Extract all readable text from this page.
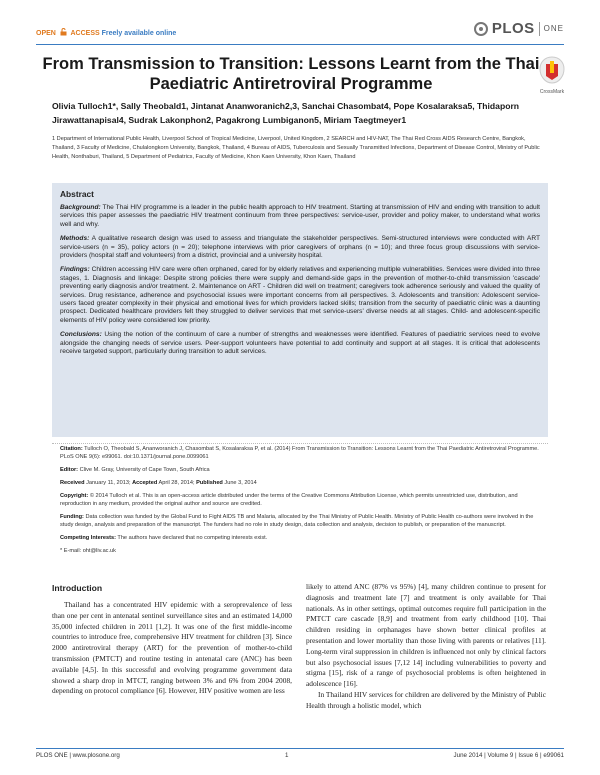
OPEN ACCESS Freely available online	PLOS ONE
From Transmission to Transition: Lessons Learnt from the Thai Paediatric Antiretroviral Programme	CrossMark
Olivia Tulloch1*, Sally Theobald1, Jintanat Ananworanich2,3, Sanchai Chasombat4, Pope Kosalaraksa5, Thidaporn Jirawattanapisal4, Sudrak Lakonphon2, Pagakrong Lumbiganon5, Miriam Taegtmeyer1
1 Department of International Public Health, Liverpool School of Tropical Medicine, Liverpool, United Kingdom, 2 SEARCH and HIV-NAT, The Thai Red Cross AIDS Research Centre, Bangkok, Thailand, 3 Faculty of Medicine, Chulalongkorn University, Bangkok, Thailand, 4 Bureau of AIDS, Tuberculosis and Sexually Transmitted Infections, Department of Disease Control, Ministry of Public Health, Nonthaburi, Thailand, 5 Department of Pediatrics, Faculty of Medicine, Khon Kaen University, Khon Kaen, Thailand
Abstract

Background: The Thai HIV programme is a leader in the public health approach to HIV treatment. Starting at transmission of HIV and ending with transition to adult services this paper assesses the paediatric HIV treatment continuum from three perspectives: service-user, provider and policy maker, to understand what works well and why.

Methods: A qualitative research design was used to assess and triangulate the stakeholder perspectives. Semi-structured interviews were conducted with ART service-users (n = 35), policy actors (n = 20); telephone interviews with prior caregivers of orphans (n = 10); and three focus group discussions with service-providers (hospital staff and volunteers) from a district, provincial and a university hospital.

Findings: Children accessing HIV care were often orphaned, cared for by elderly relatives and experiencing multiple vulnerabilities. Services were divided into three stages, 1. Diagnosis and linkage: Despite strong policies there were supply and demand-side gaps in the prevention of mother-to-child transmission 'cascade' preventing early diagnosis and/or treatment. 2. Maintenance on ART - Children did well on treatment; caregivers took adherence seriously and valued the quality of services. Drug resistance, adherence and psychosocial issues were important concerns from all perspectives. 3. Adolescents and transition: Adolescent service-users faced greater complexity in their physical and emotional lives for which providers lacked skills; transition from the security of paediatric clinic was a daunting prospect. Dedicated healthcare providers felt they struggled to deliver services that met service-users' diverse needs at all stages. Child- and adolescent-specific elements of HIV policy were considered low priority.

Conclusions: Using the notion of the continuum of care a number of strengths and weaknesses were identified. Features of paediatric services need to evolve alongside the changing needs of service users. Peer-support volunteers have potential to add continuity and support at all stages. It is critical that adolescents receive targeted support, particularly during transition to adult services.

Citation: Tulloch O, Theobald S, Ananworanich J, Chasombat S, Kosalaraksa P, et al. (2014) From Transmission to Transition: Lessons Learnt from the Thai Paediatric Antiretroviral Programme. PLoS ONE 9(6): e99061. doi:10.1371/journal.pone.0099061

Editor: Clive M. Gray, University of Cape Town, South Africa

Received January 11, 2013; Accepted April 28, 2014; Published June 3, 2014

Copyright: © 2014 Tulloch et al. This is an open-access article distributed under the terms of the Creative Commons Attribution License, which permits unrestricted use, distribution, and reproduction in any medium, provided the original author and source are credited.

Funding: Data collection was funded by the Global Fund to Fight AIDS TB and Malaria, allocated by the Thai Ministry of Public Health. Ministry of Public Health co-authors were involved in the study design, analysis and preparation of the manuscript. The funders had no role in study design, data collection and analysis, decision to publish, or preparation of the manuscript.

Competing Interests: The authors have declared that no competing interests exist.

* E-mail: oht@liv.ac.uk

Introduction

Thailand has a concentrated HIV epidemic with a seroprevalence of less than one per cent in antenatal sentinel surveillance sites and an estimated 14,000 35,000 infected children in 2011 [1,2]. It was one of the first middle-income countries to introduce free, comprehensive HIV treatment for children [3]. Since 2000 antiretroviral therapy (ART) for the prevention of mother-to-child transmission (PMTCT) and routine testing in antenatal care (ANC) has been available [4,5]. In this successful and evolving programme government data showed a sharp drop in MTCT, ranging between 3% and 6% from 2004 2008, depending on protocol compliance [6]. However, HIV positive women are less

likely to attend ANC (87% vs 95%) [4], many children continue to present for diagnosis and treatment late [7] and treatment is only available for Thai nationals. As in other settings, optimal outcomes require full participation in the PMTCT care cascade [8,9] and treatment from early childhood [10]. Thai children residing in orphanages have shown better clinical profiles at presentation and lower mortality than those living with parents or relatives [11]. Long-term viral suppression in children is influenced not only by clinical factors but also psychosocial issues [7,12 14] including vulnerabilities to poverty and stigma [15], risk of a range of psychosocial problems is often heightened in adolescence [16].

In Thailand HIV services for children are delivered by the Ministry of Public Health through a holistic model, which

PLOS ONE | www.plosone.org	1	June 2014 | Volume 9 | Issue 6 | e99061
